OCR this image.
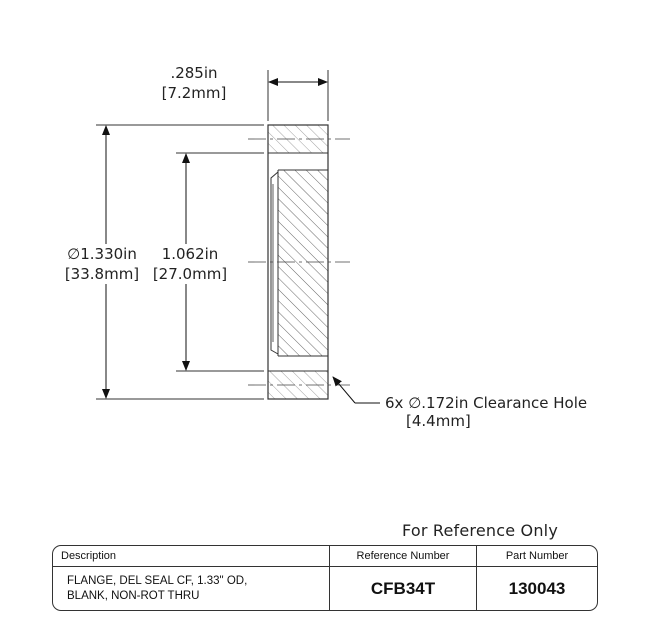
.285in
[7.2mm]
∅1.330in
[33.8mm]
1.062in
[27.0mm]
6x ∅.172in Clearance Hole
[4.4mm]
For Reference Only
Description	Reference Number	Part Number

FLANGE, DEL SEAL CF, 1.33" OD,
BLANK, NON-ROT THRU	CFB34T	130043
